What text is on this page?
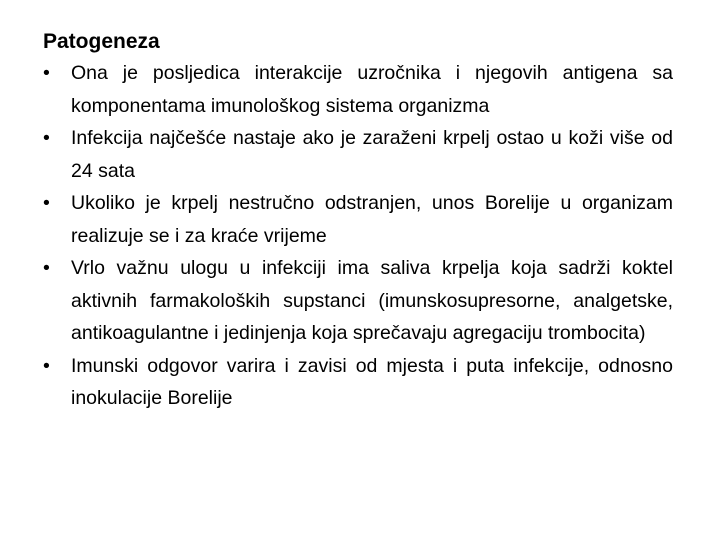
Patogeneza
• Ona je posljedica interakcije uzročnika i njegovih antigena sa komponentama imunološkog sistema organizma
• Infekcija najčešće nastaje ako je zaraženi krpelj ostao u koži više od 24 sata
• Ukoliko je krpelj nestručno odstranjen, unos Borelije u organizam realizuje se i za kraće vrijeme
• Vrlo važnu ulogu u infekciji ima saliva krpelja koja sadrži koktel aktivnih farmakoloških supstanci (imunskosupresorne, analgetske, antikoagulantne i jedinjenja koja sprečavaju agregaciju trombocita)
• Imunski odgovor varira i zavisi od mjesta i puta infekcije, odnosno inokulacije Borelije
